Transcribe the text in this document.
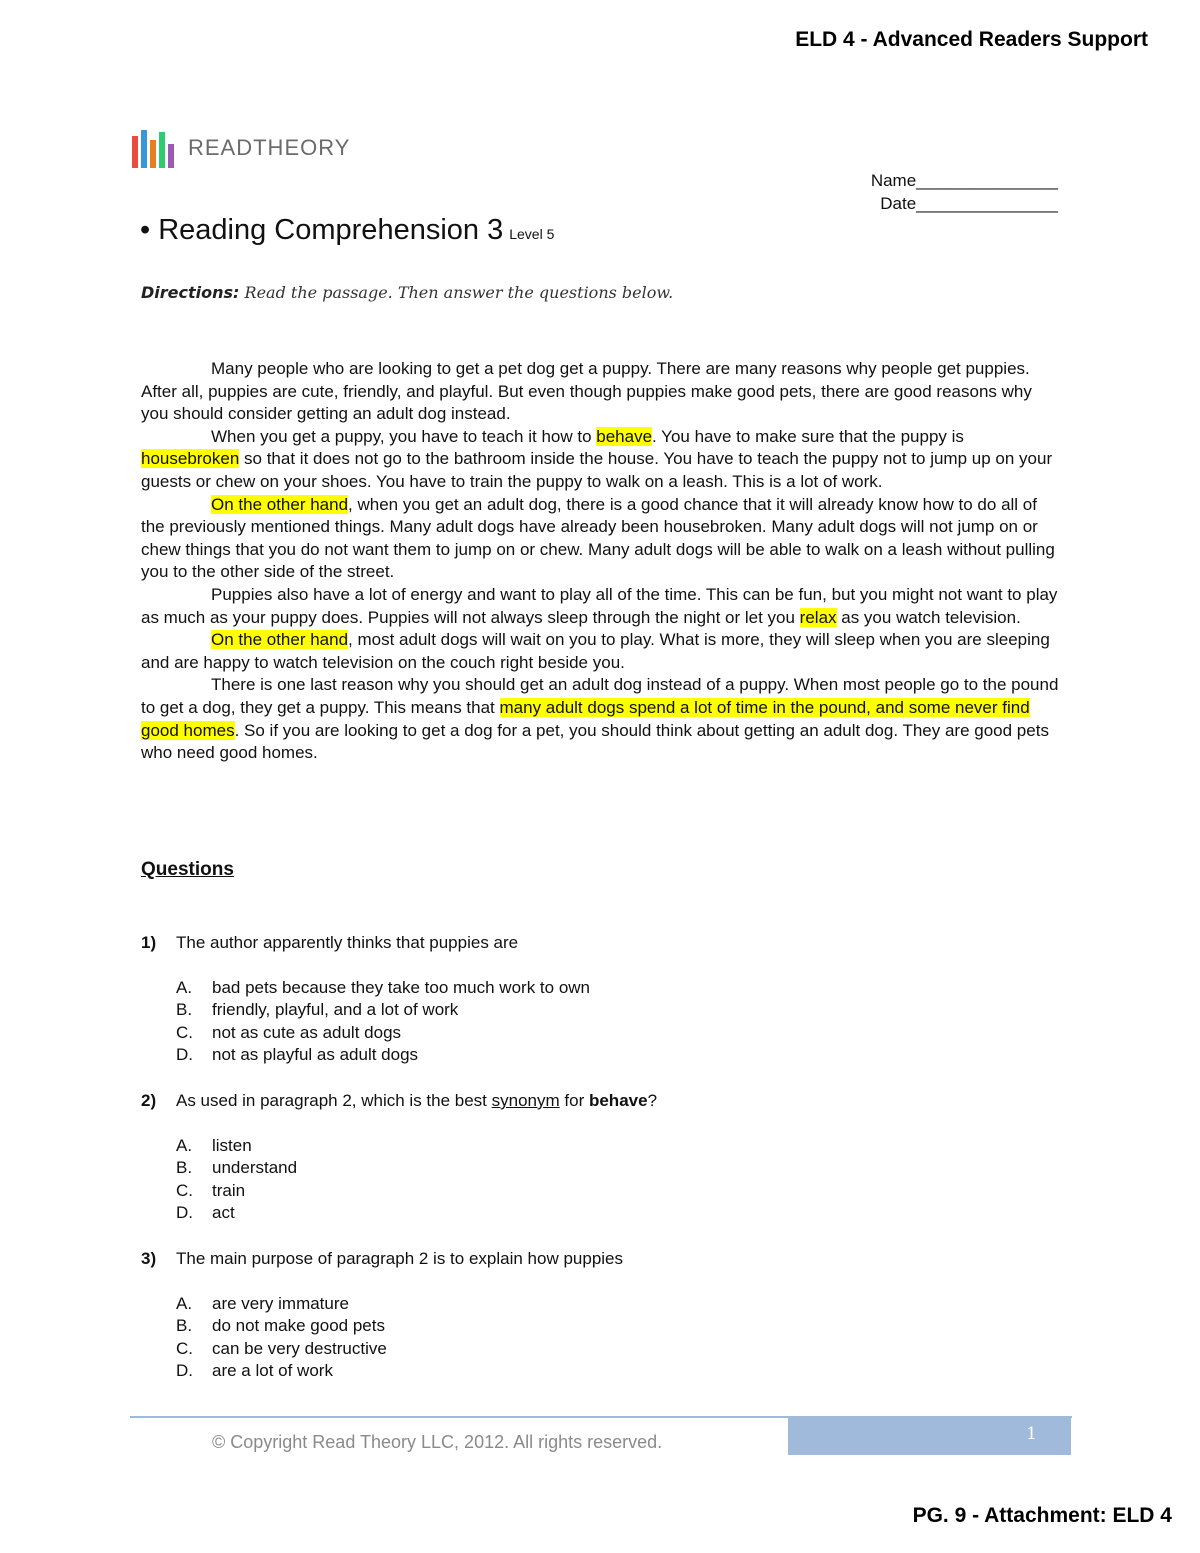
ELD 4 - Advanced Readers Support
READTHEORY
Name_______________
Date_______________
• Reading Comprehension 3 Level 5
Directions: Read the passage. Then answer the questions below.

Many people who are looking to get a pet dog get a puppy. There are many reasons why people get puppies. After all, puppies are cute, friendly, and playful. But even though puppies make good pets, there are good reasons why you should consider getting an adult dog instead.

When you get a puppy, you have to teach it how to behave. You have to make sure that the puppy is housebroken so that it does not go to the bathroom inside the house. You have to teach the puppy not to jump up on your guests or chew on your shoes. You have to train the puppy to walk on a leash. This is a lot of work.

On the other hand, when you get an adult dog, there is a good chance that it will already know how to do all of the previously mentioned things. Many adult dogs have already been housebroken. Many adult dogs will not jump on or chew things that you do not want them to jump on or chew. Many adult dogs will be able to walk on a leash without pulling you to the other side of the street.

Puppies also have a lot of energy and want to play all of the time. This can be fun, but you might not want to play as much as your puppy does. Puppies will not always sleep through the night or let you relax as you watch television.

On the other hand, most adult dogs will wait on you to play. What is more, they will sleep when you are sleeping and are happy to watch television on the couch right beside you.

There is one last reason why you should get an adult dog instead of a puppy. When most people go to the pound to get a dog, they get a puppy. This means that many adult dogs spend a lot of time in the pound, and some never find good homes. So if you are looking to get a dog for a pet, you should think about getting an adult dog. They are good pets who need good homes.

Questions
1) The author apparently thinks that puppies are
A.	bad pets because they take too much work to own
B.	friendly, playful, and a lot of work
C.	not as cute as adult dogs
D.	not as playful as adult dogs
2) As used in paragraph 2, which is the best synonym for behave?
A.	listen
B.	understand
C.	train
D.	act
3) The main purpose of paragraph 2 is to explain how puppies
A.	are very immature
B.	do not make good pets
C.	can be very destructive
D.	are a lot of work
© Copyright Read Theory LLC, 2012. All rights reserved.	1
PG. 9 - Attachment: ELD 4
